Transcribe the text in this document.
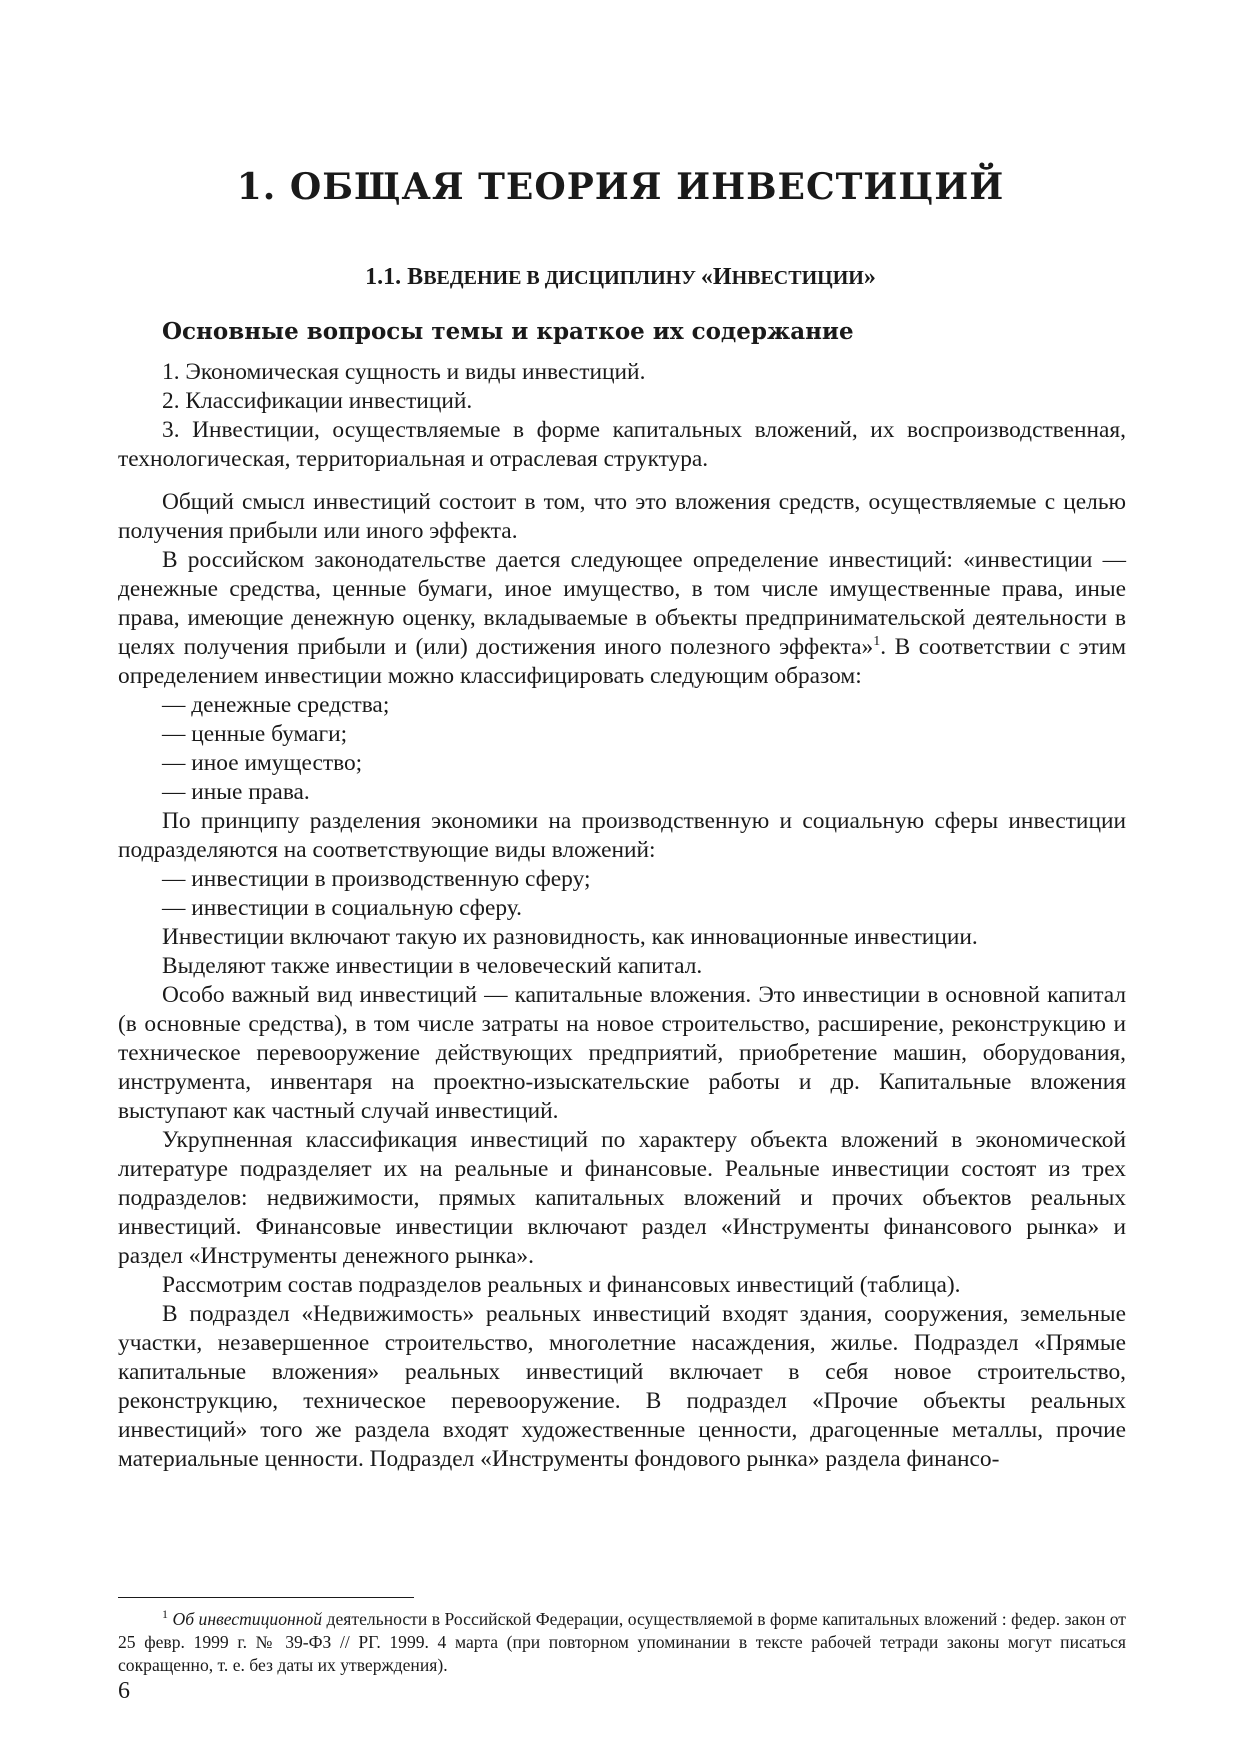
1. ОБЩАЯ ТЕОРИЯ ИНВЕСТИЦИЙ
1.1. ВВЕДЕНИЕ В ДИСЦИПЛИНУ «ИНВЕСТИЦИИ»
Основные вопросы темы и краткое их содержание

1. Экономическая сущность и виды инвестиций.

2. Классификации инвестиций.

3. Инвестиции, осуществляемые в форме капитальных вложений, их воспроизводственная, технологическая, территориальная и отраслевая структура.

Общий смысл инвестиций состоит в том, что это вложения средств, осуществляемые с целью получения прибыли или иного эффекта.

В российском законодательстве дается следующее определение инвестиций: «инвестиции — денежные средства, ценные бумаги, иное имущество, в том числе имущественные права, иные права, имеющие денежную оценку, вкладываемые в объекты предпринимательской деятельности в целях получения прибыли и (или) достижения иного полезного эффекта»$^1$. В соответствии с этим определением инвестиции можно классифицировать следующим образом:

— денежные средства;

— ценные бумаги;

— иное имущество;

— иные права.

По принципу разделения экономики на производственную и социальную сферы инвестиции подразделяются на соответствующие виды вложений:

— инвестиции в производственную сферу;

— инвестиции в социальную сферу.

Инвестиции включают такую их разновидность, как инновационные инвестиции.

Выделяют также инвестиции в человеческий капитал.

Особо важный вид инвестиций — капитальные вложения. Это инвестиции в основной капитал (в основные средства), в том числе затраты на новое строительство, расширение, реконструкцию и техническое перевооружение действующих предприятий, приобретение машин, оборудования, инструмента, инвентаря на проектно-изыскательские работы и др. Капитальные вложения выступают как частный случай инвестиций.

Укрупненная классификация инвестиций по характеру объекта вложений в экономической литературе подразделяет их на реальные и финансовые. Реальные инвестиции состоят из трех подразделов: недвижимости, прямых капитальных вложений и прочих объектов реальных инвестиций. Финансовые инвестиции включают раздел «Инструменты финансового рынка» и раздел «Инструменты денежного рынка».

Рассмотрим состав подразделов реальных и финансовых инвестиций (таблица).

В подраздел «Недвижимость» реальных инвестиций входят здания, сооружения, земельные участки, незавершенное строительство, многолетние насаждения, жилье. Подраздел «Прямые капитальные вложения» реальных инвестиций включает в себя новое строительство, реконструкцию, техническое перевооружение. В подраздел «Прочие объекты реальных инвестиций» того же раздела входят художественные ценности, драгоценные металлы, прочие материальные ценности. Подраздел «Инструменты фондового рынка» раздела финансо-

$^1$ Об инвестиционной деятельности в Российской Федерации, осуществляемой в форме капитальных вложений : федер. закон от 25 февр. 1999 г. № 39-ФЗ // РГ. 1999. 4 марта (при повторном упоминании в тексте рабочей тетради законы могут писаться сокращенно, т. е. без даты их утверждения).

6
